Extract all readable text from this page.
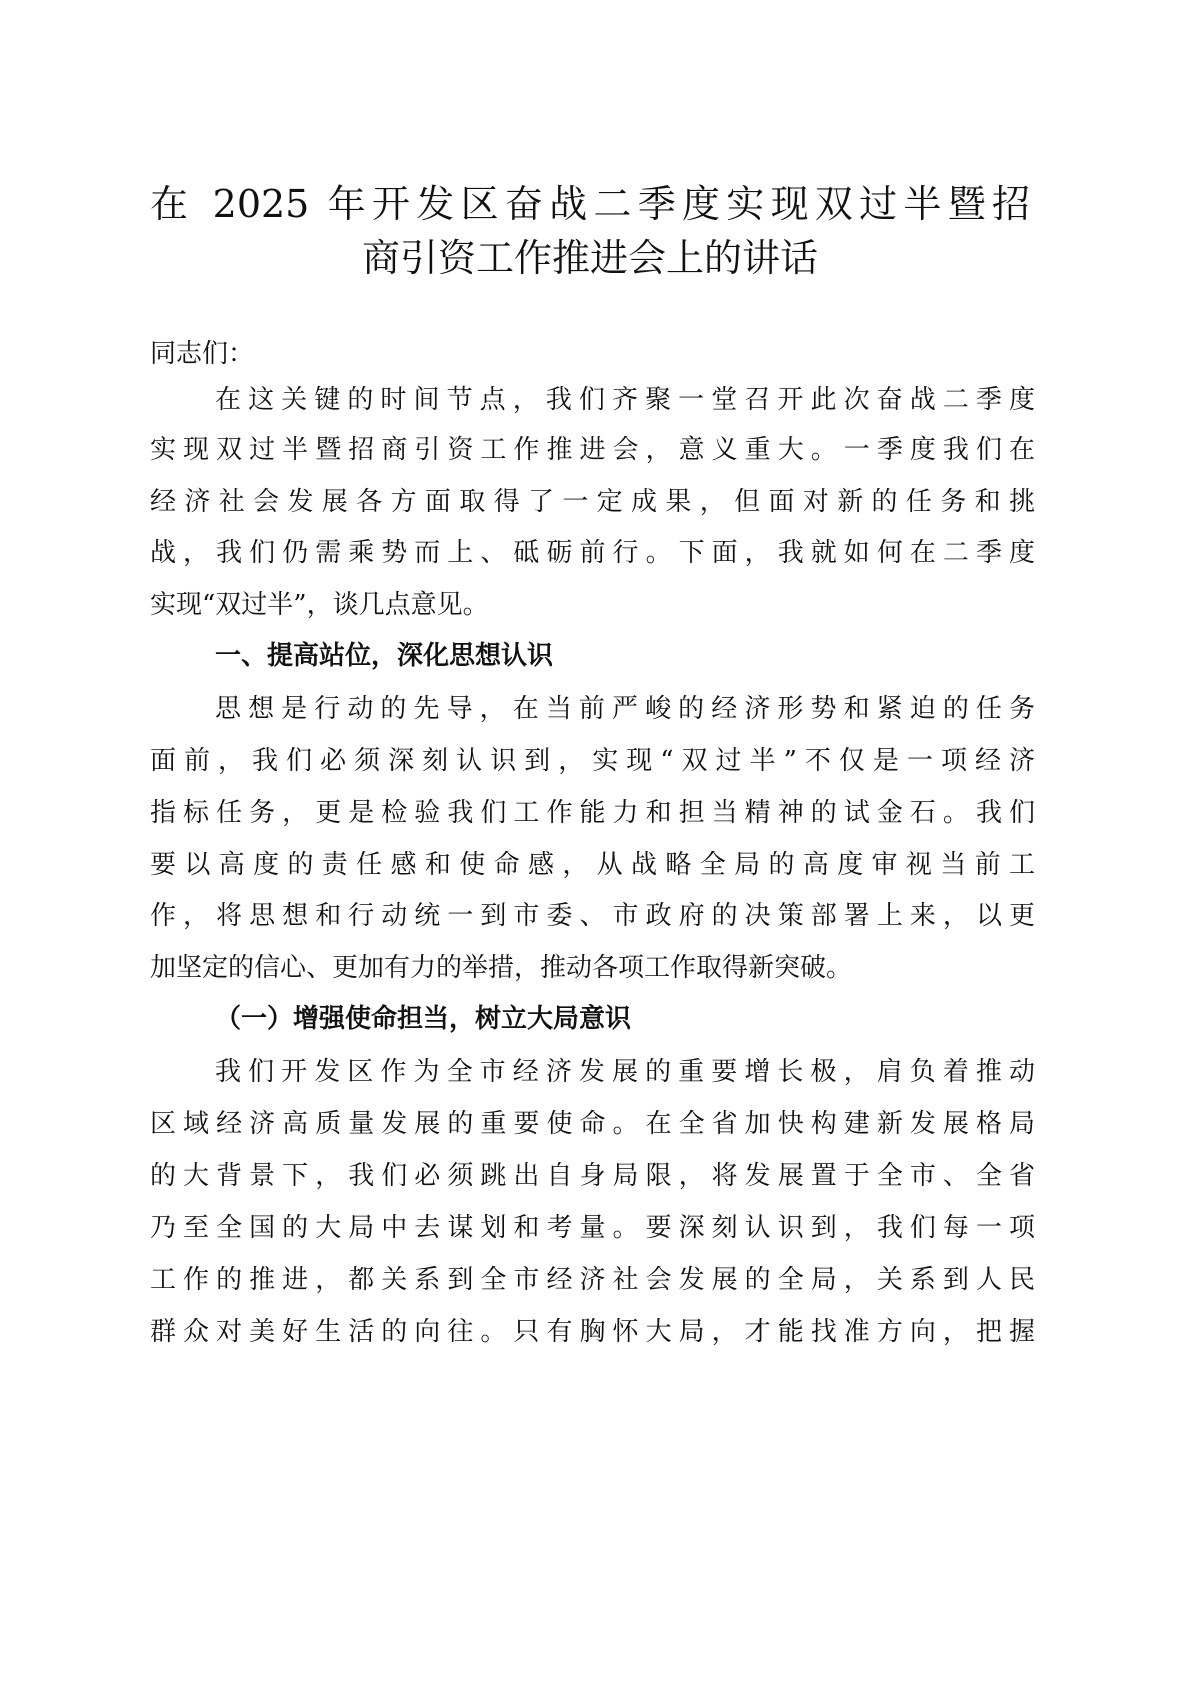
在 2025 年开发区奋战二季度实现双过半暨招
商引资工作推进会上的讲话

同志们：

在这关键的时间节点，我们齐聚一堂召开此次奋战二季度

实现双过半暨招商引资工作推进会，意义重大。一季度我们在

经济社会发展各方面取得了一定成果，但面对新的任务和挑

战，我们仍需乘势而上、砥砺前行。下面，我就如何在二季度

实现“双过半”，谈几点意见。

一、提高站位，深化思想认识

思想是行动的先导，在当前严峻的经济形势和紧迫的任务

面前，我们必须深刻认识到，实现“双过半”不仅是一项经济

指标任务，更是检验我们工作能力和担当精神的试金石。我们

要以高度的责任感和使命感，从战略全局的高度审视当前工

作，将思想和行动统一到市委、市政府的决策部署上来，以更

加坚定的信心、更加有力的举措，推动各项工作取得新突破。

（一）增强使命担当，树立大局意识

我们开发区作为全市经济发展的重要增长极，肩负着推动

区域经济高质量发展的重要使命。在全省加快构建新发展格局

的大背景下，我们必须跳出自身局限，将发展置于全市、全省

乃至全国的大局中去谋划和考量。要深刻认识到，我们每一项

工作的推进，都关系到全市经济社会发展的全局，关系到人民

群众对美好生活的向往。只有胸怀大局，才能找准方向，把握
